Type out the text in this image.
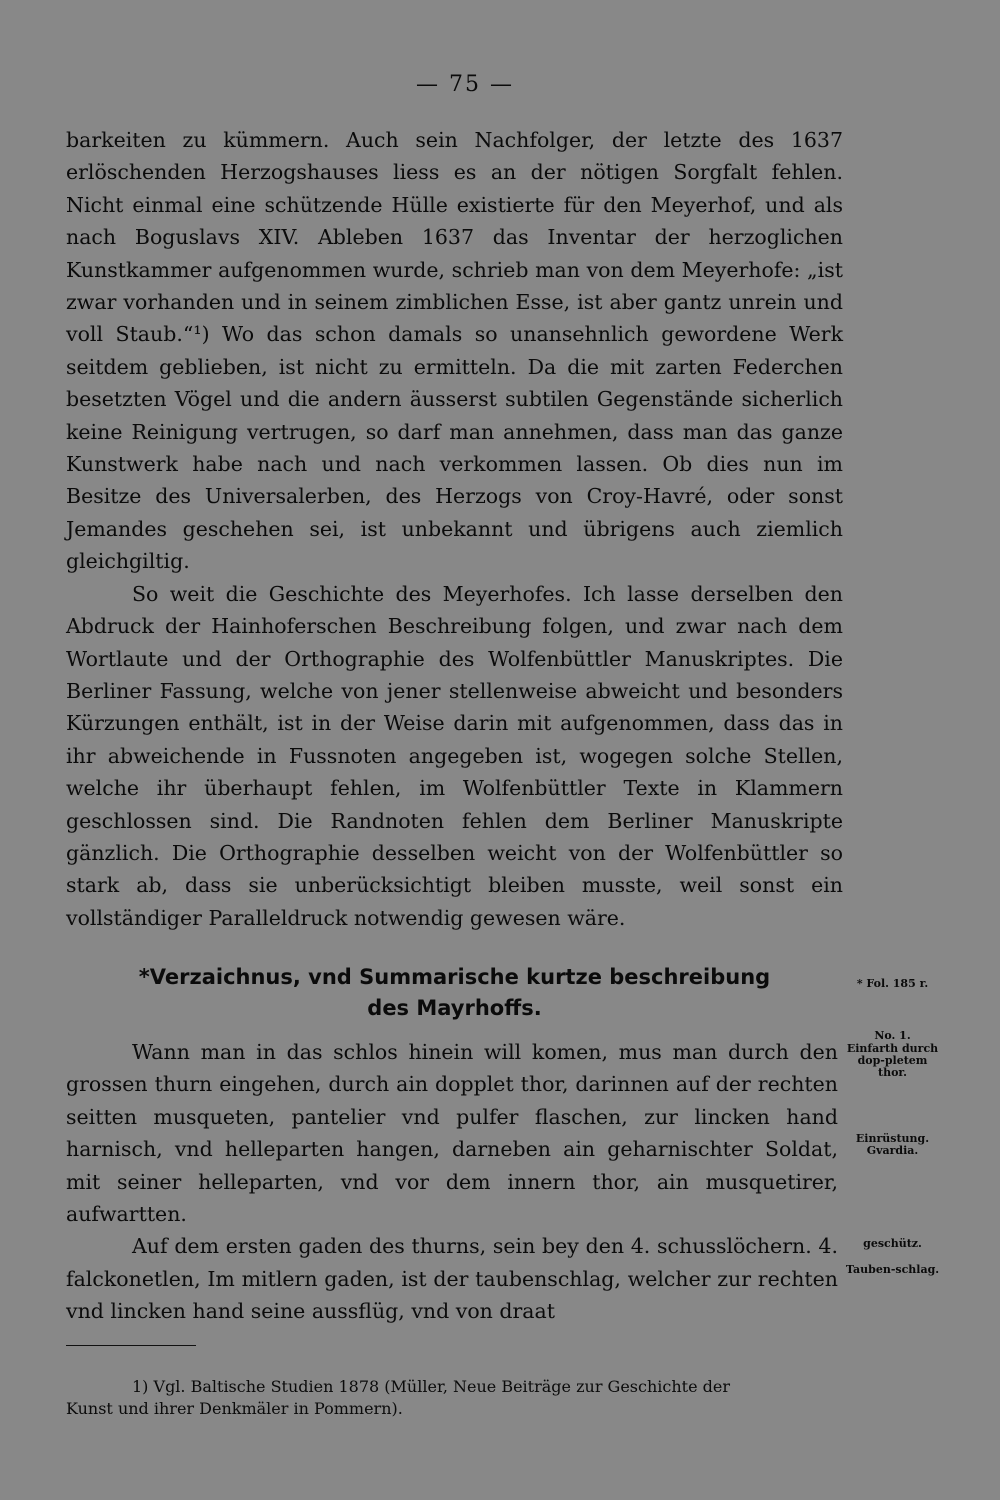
— 75 —

barkeiten zu kümmern. Auch sein Nachfolger, der letzte des 1637 erlöschenden Herzogshauses liess es an der nötigen Sorgfalt fehlen. Nicht einmal eine schützende Hülle existierte für den Meyerhof, und als nach Boguslavs XIV. Ableben 1637 das Inventar der herzoglichen Kunstkammer aufgenommen wurde, schrieb man von dem Meyerhofe: „ist zwar vorhanden und in seinem zimblichen Esse, ist aber gantz unrein und voll Staub.“¹) Wo das schon damals so unansehnlich gewordene Werk seitdem geblieben, ist nicht zu ermitteln. Da die mit zarten Federchen besetzten Vögel und die andern äusserst subtilen Gegenstände sicherlich keine Reinigung vertrugen, so darf man annehmen, dass man das ganze Kunstwerk habe nach und nach verkommen lassen. Ob dies nun im Besitze des Universalerben, des Herzogs von Croy-Havré, oder sonst Jemandes geschehen sei, ist unbekannt und übrigens auch ziemlich gleichgiltig.

So weit die Geschichte des Meyerhofes. Ich lasse derselben den Abdruck der Hainhoferschen Beschreibung folgen, und zwar nach dem Wortlaute und der Orthographie des Wolfenbüttler Manuskriptes. Die Berliner Fassung, welche von jener stellenweise abweicht und besonders Kürzungen enthält, ist in der Weise darin mit aufgenommen, dass das in ihr abweichende in Fussnoten angegeben ist, wogegen solche Stellen, welche ihr überhaupt fehlen, im Wolfenbüttler Texte in Klammern geschlossen sind. Die Randnoten fehlen dem Berliner Manuskripte gänzlich. Die Orthographie desselben weicht von der Wolfenbüttler so stark ab, dass sie unberücksichtigt bleiben musste, weil sonst ein vollständiger Paralleldruck notwendig gewesen wäre.

*Verzaichnus, vnd Summarische kurtze beschreibung
des Mayrhoffs.
* Fol. 185 r.
No. 1.
Einfarth durch dop-pletem thor.
Einrüstung. Gvardia.
geschütz.
Tauben-schlag.

Wann man in das schlos hinein will komen, mus man durch den grossen thurn eingehen, durch ain dopplet thor, darinnen auf der rechten seitten musqueten, pantelier vnd pulfer flaschen, zur lincken hand harnisch, vnd helleparten hangen, darneben ain geharnischter Soldat, mit seiner helleparten, vnd vor dem innern thor, ain musquetirer, aufwartten.

Auf dem ersten gaden des thurns, sein bey den 4. schusslöchern. 4. falckonetlen, Im mitlern gaden, ist der taubenschlag, welcher zur rechten vnd lincken hand seine aussflüg, vnd von draat

1) Vgl. Baltische Studien 1878 (Müller, Neue Beiträge zur Geschichte der

Kunst und ihrer Denkmäler in Pommern).
